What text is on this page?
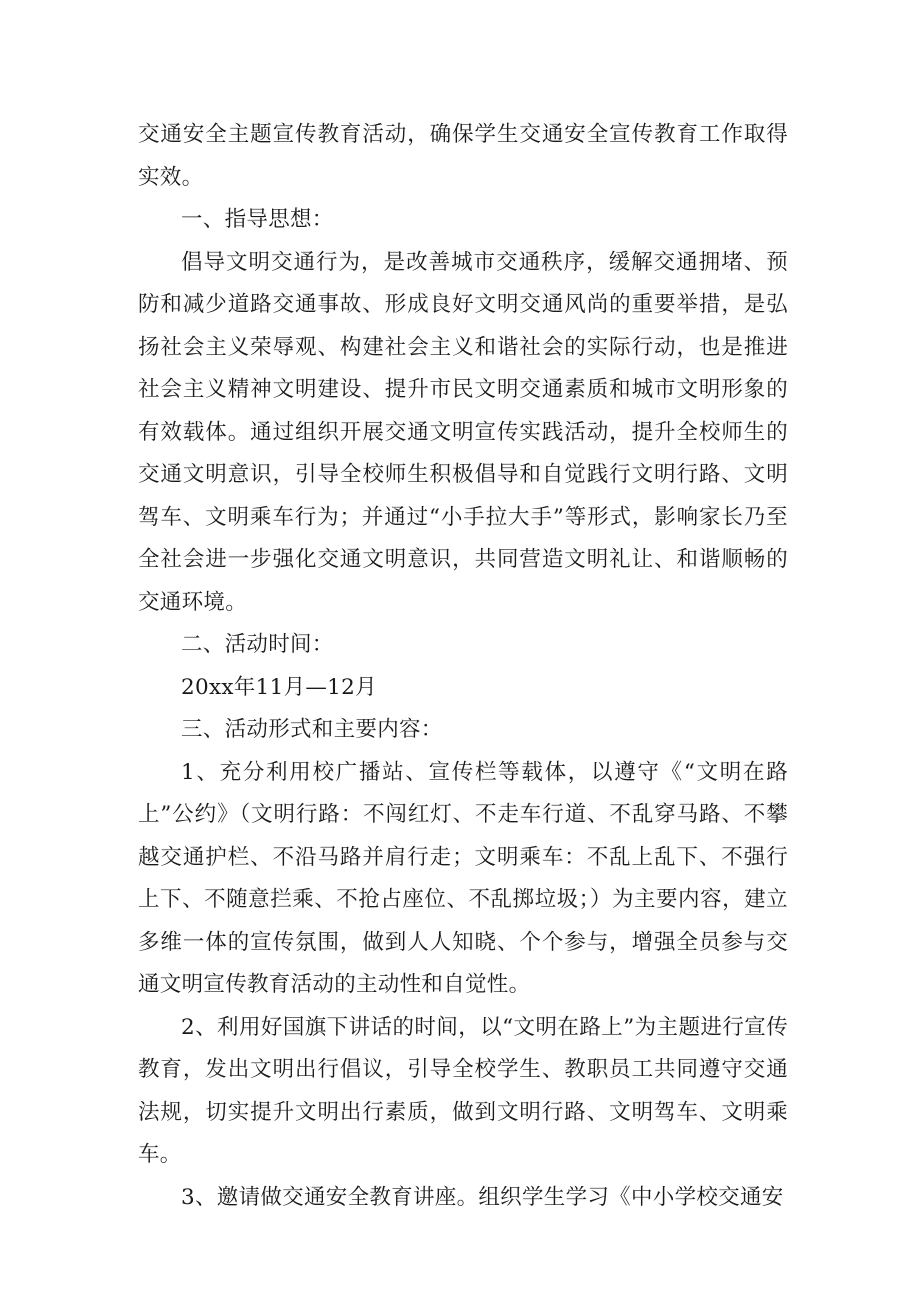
交通安全主题宣传教育活动，确保学生交通安全宣传教育工作取得实效。

一、指导思想：

倡导文明交通行为，是改善城市交通秩序，缓解交通拥堵、预防和减少道路交通事故、形成良好文明交通风尚的重要举措，是弘扬社会主义荣辱观、构建社会主义和谐社会的实际行动，也是推进社会主义精神文明建设、提升市民文明交通素质和城市文明形象的有效载体。通过组织开展交通文明宣传实践活动，提升全校师生的交通文明意识，引导全校师生积极倡导和自觉践行文明行路、文明驾车、文明乘车行为；并通过“小手拉大手”等形式，影响家长乃至全社会进一步强化交通文明意识，共同营造文明礼让、和谐顺畅的交通环境。

二、活动时间：

20xx年11月—12月

三、活动形式和主要内容：

1、充分利用校广播站、宣传栏等载体，以遵守《“文明在路上”公约》（文明行路：不闯红灯、不走车行道、不乱穿马路、不攀越交通护栏、不沿马路并肩行走；文明乘车：不乱上乱下、不强行上下、不随意拦乘、不抢占座位、不乱掷垃圾；）为主要内容，建立多维一体的宣传氛围，做到人人知晓、个个参与，增强全员参与交通文明宣传教育活动的主动性和自觉性。

2、利用好国旗下讲话的时间，以“文明在路上”为主题进行宣传教育，发出文明出行倡议，引导全校学生、教职员工共同遵守交通法规，切实提升文明出行素质，做到文明行路、文明驾车、文明乘车。

3、邀请做交通安全教育讲座。组织学生学习《中小学校交通安
